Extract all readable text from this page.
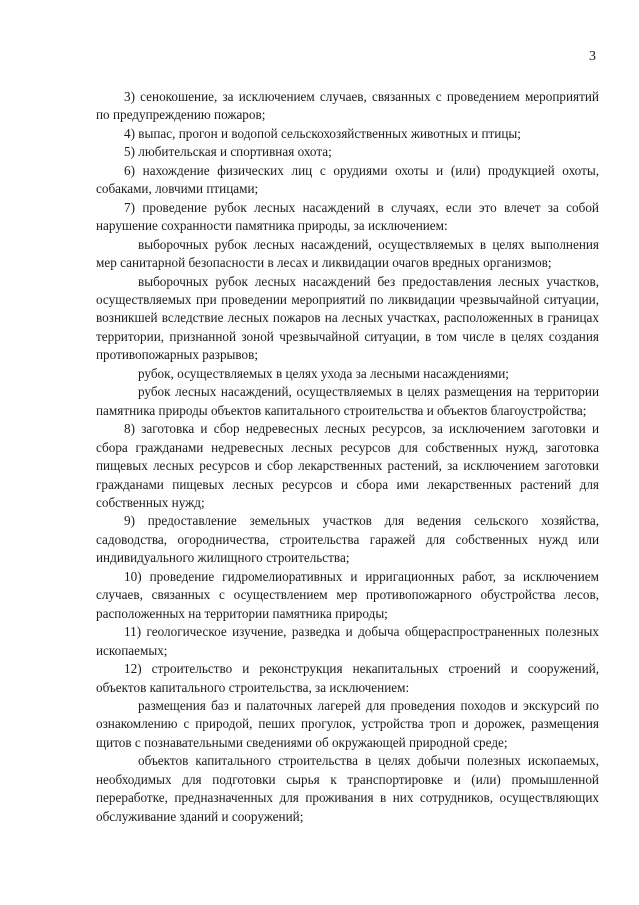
3

3) сенокошение, за исключением случаев, связанных с проведением мероприятий по предупреждению пожаров;

4) выпас, прогон и водопой сельскохозяйственных животных и птицы;

5) любительская и спортивная охота;

6) нахождение физических лиц с орудиями охоты и (или) продукцией охоты, собаками, ловчими птицами;

7) проведение рубок лесных насаждений в случаях, если это влечет за собой нарушение сохранности памятника природы, за исключением:

выборочных рубок лесных насаждений, осуществляемых в целях выполнения мер санитарной безопасности в лесах и ликвидации очагов вредных организмов;

выборочных рубок лесных насаждений без предоставления лесных участков, осуществляемых при проведении мероприятий по ликвидации чрезвычайной ситуации, возникшей вследствие лесных пожаров на лесных участках, расположенных в границах территории, признанной зоной чрезвычайной ситуации, в том числе в целях создания противопожарных разрывов;

рубок, осуществляемых в целях ухода за лесными насаждениями;

рубок лесных насаждений, осуществляемых в целях размещения на территории памятника природы объектов капитального строительства и объектов благоустройства;

8) заготовка и сбор недревесных лесных ресурсов, за исключением заготовки и сбора гражданами недревесных лесных ресурсов для собственных нужд, заготовка пищевых лесных ресурсов и сбор лекарственных растений, за исключением заготовки гражданами пищевых лесных ресурсов и сбора ими лекарственных растений для собственных нужд;

9) предоставление земельных участков для ведения сельского хозяйства, садоводства, огородничества, строительства гаражей для собственных нужд или индивидуального жилищного строительства;

10) проведение гидромелиоративных и ирригационных работ, за исключением случаев, связанных с осуществлением мер противопожарного обустройства лесов, расположенных на территории памятника природы;

11) геологическое изучение, разведка и добыча общераспространенных полезных ископаемых;

12) строительство и реконструкция некапитальных строений и сооружений, объектов капитального строительства, за исключением:

размещения баз и палаточных лагерей для проведения походов и экскурсий по ознакомлению с природой, пеших прогулок, устройства троп и дорожек, размещения щитов с познавательными сведениями об окружающей природной среде;

объектов капитального строительства в целях добычи полезных ископаемых, необходимых для подготовки сырья к транспортировке и (или) промышленной переработке, предназначенных для проживания в них сотрудников, осуществляющих обслуживание зданий и сооружений;
